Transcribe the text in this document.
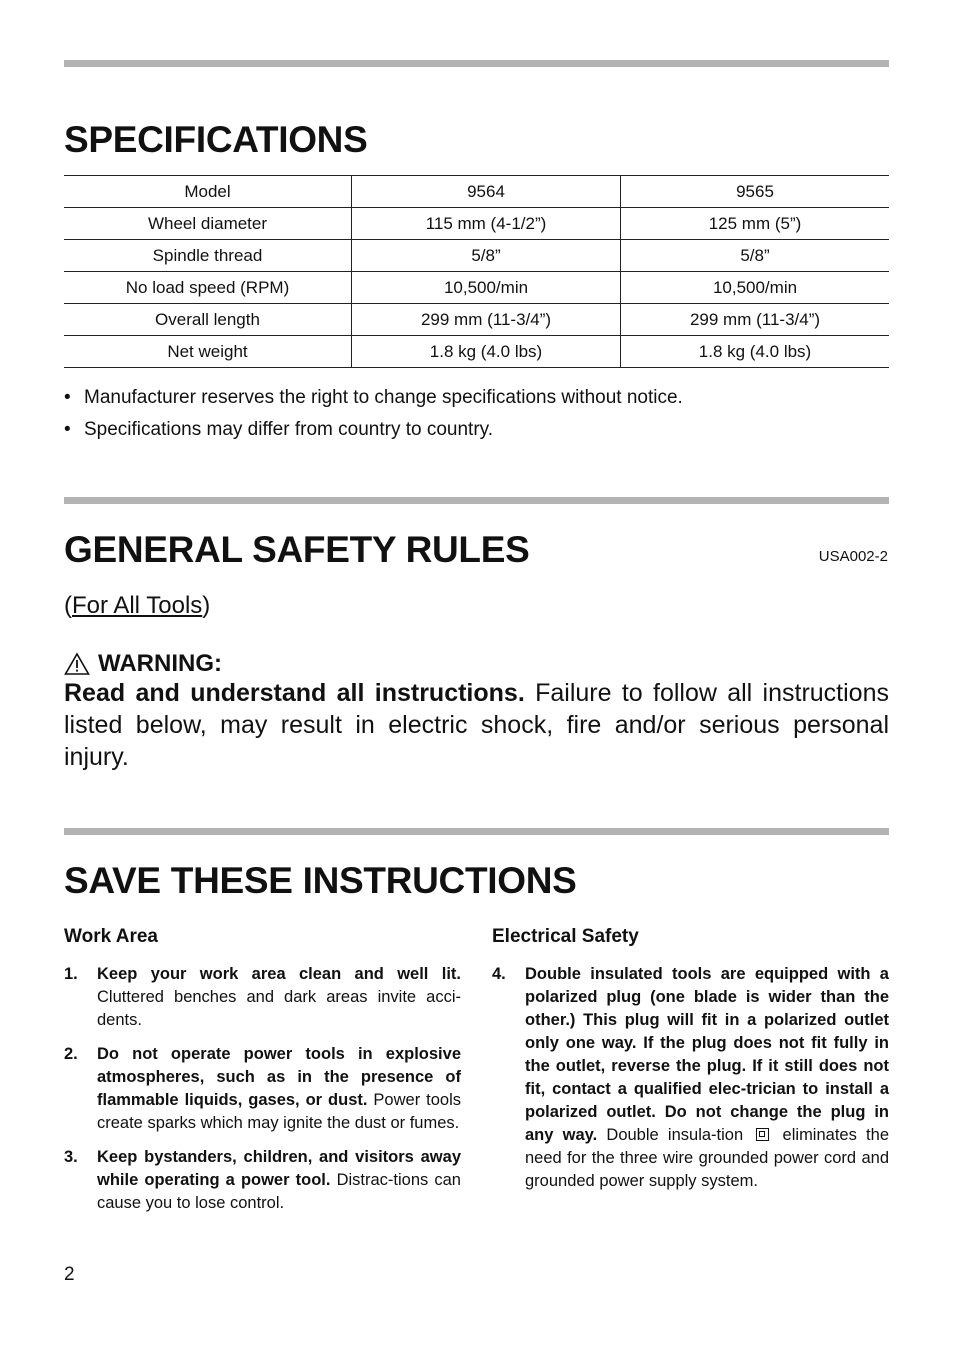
SPECIFICATIONS
Model	9564	9565
Wheel diameter	115 mm (4-1/2”)	125 mm (5”)
Spindle thread	5/8”	5/8”
No load speed (RPM)	10,500/min	10,500/min
Overall length	299 mm (11-3/4”)	299 mm (11-3/4”)
Net weight	1.8 kg (4.0 lbs)	1.8 kg (4.0 lbs)
• Manufacturer reserves the right to change specifications without notice.
• Specifications may differ from country to country.
GENERAL SAFETY RULES	USA002-2
(For All Tools)
WARNING:

Read and understand all instructions. Failure to follow all instructions listed below, may result in electric shock, fire and/or serious personal injury.

SAVE THESE INSTRUCTIONS
Work Area
1.	Keep your work area clean and well lit. Cluttered benches and dark areas invite acci-dents.
2.	Do not operate power tools in explosive atmospheres, such as in the presence of flammable liquids, gases, or dust. Power tools create sparks which may ignite the dust or fumes.
3.	Keep bystanders, children, and visitors away while operating a power tool. Distrac-tions can cause you to lose control.
Electrical Safety
4.	Double insulated tools are equipped with a polarized plug (one blade is wider than the other.) This plug will fit in a polarized outlet only one way. If the plug does not fit fully in the outlet, reverse the plug. If it still does not fit, contact a qualified elec-trician to install a polarized outlet. Do not change the plug in any way. Double insula-tion  eliminates the need for the three wire grounded power cord and grounded power supply system.
2
